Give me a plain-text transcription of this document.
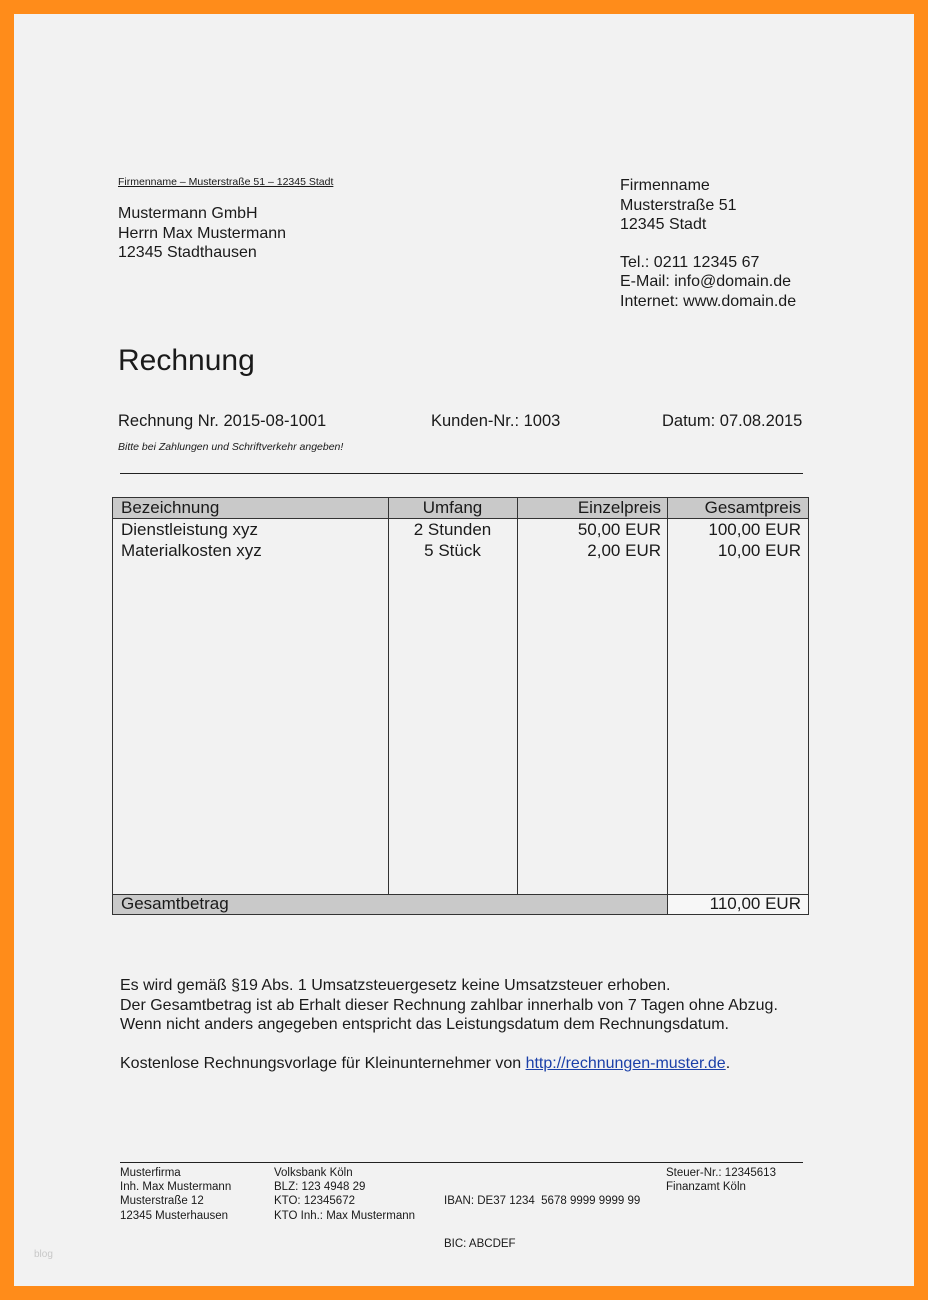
Firmenname – Musterstraße 51 – 12345 Stadt
Mustermann GmbH
Herrn Max Mustermann
12345 Stadthausen
Firmenname
Musterstraße 51
12345 Stadt
Tel.: 0211 12345 67
E-Mail: info@domain.de
Internet: www.domain.de
Rechnung
Rechnung Nr. 2015-08-1001	Kunden-Nr.: 1003	Datum: 07.08.2015
Bitte bei Zahlungen und Schriftverkehr angeben!
Bezeichnung	Umfang	Einzelpreis	Gesamtpreis
Dienstleistung xyz	2 Stunden	50,00 EUR	100,00 EUR
Materialkosten xyz	5 Stück	2,00 EUR	10,00 EUR
Gesamtbetrag	110,00 EUR
Es wird gemäß §19 Abs. 1 Umsatzsteuergesetz keine Umsatzsteuer erhoben.
Der Gesamtbetrag ist ab Erhalt dieser Rechnung zahlbar innerhalb von 7 Tagen ohne Abzug.
Wenn nicht anders angegeben entspricht das Leistungsdatum dem Rechnungsdatum.
Kostenlose Rechnungsvorlage für Kleinunternehmer von http://rechnungen-muster.de.
Musterfirma
Inh. Max Mustermann
Musterstraße 12
12345 Musterhausen
Volksbank Köln
BLZ: 123 4948 29
KTO: 12345672
KTO Inh.: Max Mustermann

IBAN: DE37 1234  5678 9999 9999 99

BIC: ABCDEF

Steuer-Nr.: 12345613
Finanzamt Köln
blog
